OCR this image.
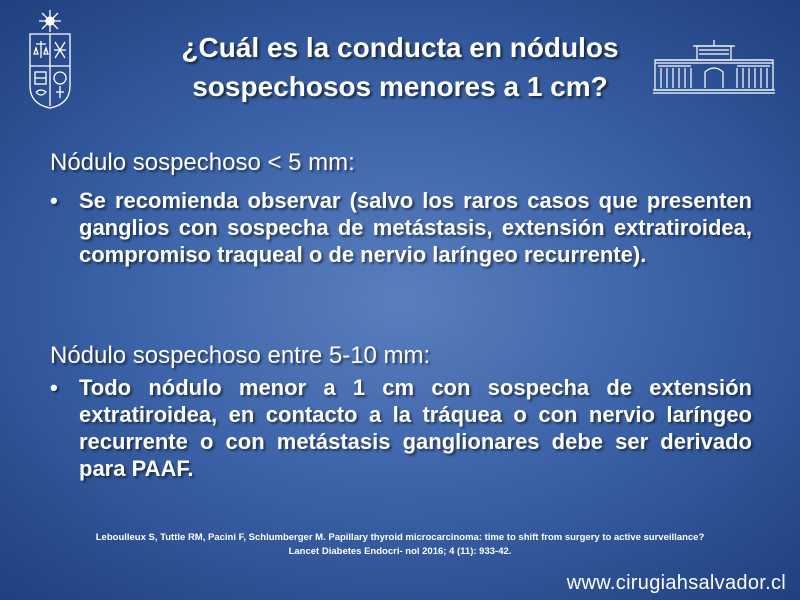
¿Cuál es la conducta en nódulos
sospechosos menores a 1 cm?
Nódulo sospechoso < 5 mm:
• Se recomienda observar (salvo los raros casos que presenten ganglios con sospecha de metástasis, extensión extratiroidea, compromiso traqueal o de nervio laríngeo recurrente).
Nódulo sospechoso entre 5-10 mm:
• Todo nódulo menor a 1 cm con sospecha de extensión extratiroidea, en contacto a la tráquea o con nervio laríngeo recurrente o con metástasis ganglionares debe ser derivado para PAAF.
Leboulleux S, Tuttle RM, Pacini F, Schlumberger M. Papillary thyroid microcarcinoma: time to shift from surgery to active surveillance?
Lancet Diabetes Endocri- nol 2016; 4 (11): 933-42.
www.cirugiahsalvador.cl
